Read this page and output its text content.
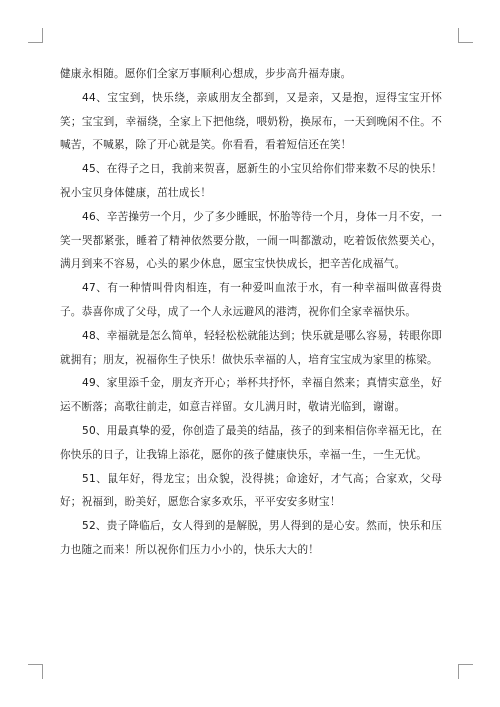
健康永相随。愿你们全家万事顺利心想成，步步高升福寿康。

44、宝宝到，快乐绕，亲戚朋友全都到，又是亲，又是抱，逗得宝宝开怀笑；宝宝到，幸福绕，全家上下把他绕，喂奶粉，换尿布，一天到晚闲不住。不喊苦，不喊累，除了开心就是笑。你看看，看着短信还在笑！

45、在得子之日，我前来贺喜，愿新生的小宝贝给你们带来数不尽的快乐！祝小宝贝身体健康，茁壮成长！

46、辛苦操劳一个月，少了多少睡眠，怀胎等待一个月，身体一月不安，一笑一哭都紧张，睡着了精神依然要分散，一闹一叫都激动，吃着饭依然要关心，满月到来不容易，心头的累少休息，愿宝宝快快成长，把辛苦化成福气。

47、有一种情叫骨肉相连，有一种爱叫血浓于水，有一种幸福叫做喜得贵子。恭喜你成了父母，成了一个人永远避风的港湾，祝你们全家幸福快乐。

48、幸福就是怎么简单，轻轻松松就能达到；快乐就是哪么容易，转眼你即就拥有；朋友，祝福你生子快乐！做快乐幸福的人，培育宝宝成为家里的栋梁。

49、家里添千金，朋友齐开心；举杯共抒怀，幸福自然来；真情实意坐，好运不断落；高歌往前走，如意吉祥留。女儿满月时，敬请光临到，谢谢。

50、用最真挚的爱，你创造了最美的结晶，孩子的到来相信你幸福无比，在你快乐的日子，让我锦上添花，愿你的孩子健康快乐，幸福一生，一生无忧。

51、鼠年好，得龙宝；出众貌，没得挑；命途好，才气高；合家欢，父母好；祝福到，盼美好，愿您合家多欢乐，平平安安多财宝！

52、贵子降临后，女人得到的是解脱，男人得到的是心安。然而，快乐和压力也随之而来！所以祝你们压力小小的，快乐大大的！
